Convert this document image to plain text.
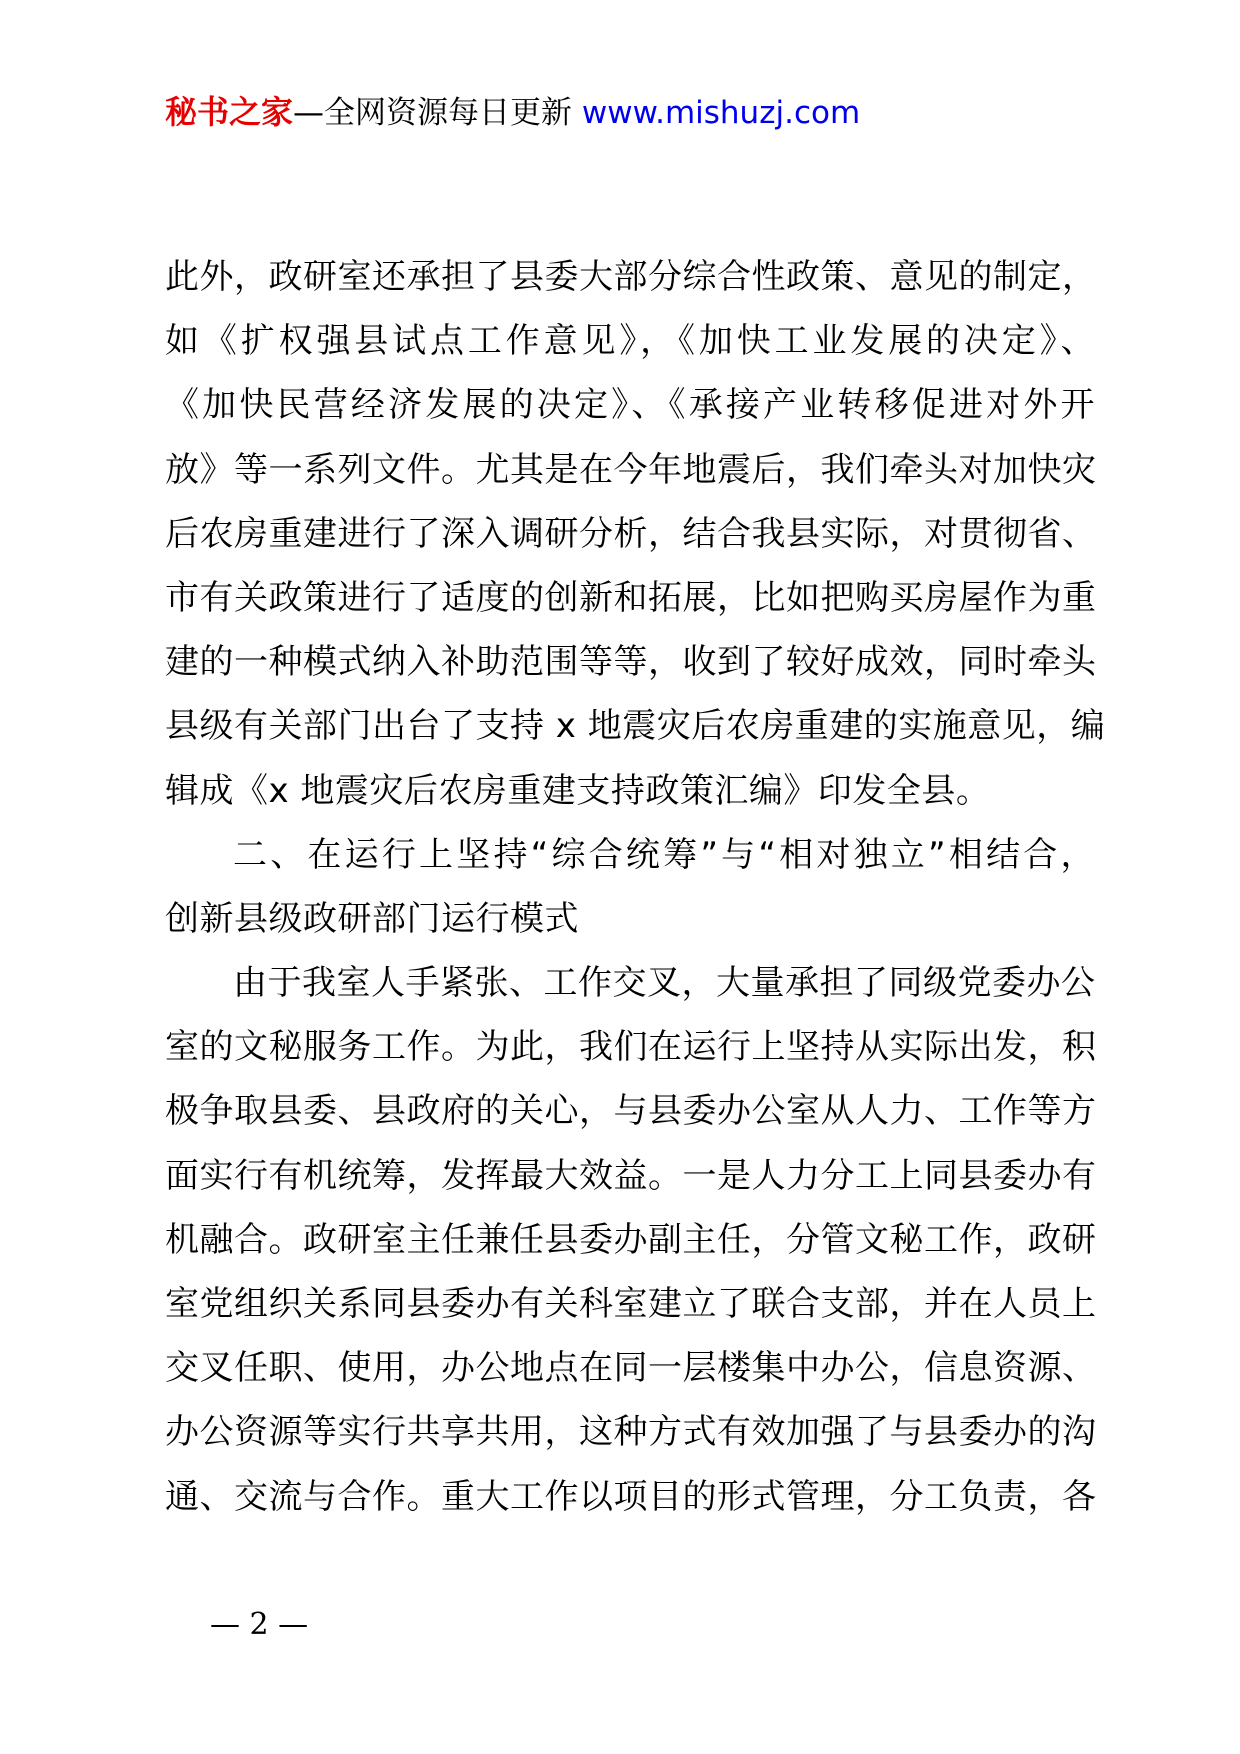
秘书之家—全网资源每日更新 www.mishuzj.com
此外，政研室还承担了县委大部分综合性政策、意见的制定，
如《扩权强县试点工作意见》，《加快工业发展的决定》、
《加快民营经济发展的决定》、《承接产业转移促进对外开
放》等一系列文件。尤其是在今年地震后，我们牵头对加快灾
后农房重建进行了深入调研分析，结合我县实际，对贯彻省、
市有关政策进行了适度的创新和拓展，比如把购买房屋作为重
建的一种模式纳入补助范围等等，收到了较好成效，同时牵头
县级有关部门出台了支持 x 地震灾后农房重建的实施意见，编
辑成《x 地震灾后农房重建支持政策汇编》印发全县。
二、在运行上坚持“综合统筹”与“相对独立”相结合，
创新县级政研部门运行模式
由于我室人手紧张、工作交叉，大量承担了同级党委办公
室的文秘服务工作。为此，我们在运行上坚持从实际出发，积
极争取县委、县政府的关心，与县委办公室从人力、工作等方
面实行有机统筹，发挥最大效益。一是人力分工上同县委办有
机融合。政研室主任兼任县委办副主任，分管文秘工作，政研
室党组织关系同县委办有关科室建立了联合支部，并在人员上
交叉任职、使用，办公地点在同一层楼集中办公，信息资源、
办公资源等实行共享共用，这种方式有效加强了与县委办的沟
通、交流与合作。重大工作以项目的形式管理，分工负责，各
— 2 —
